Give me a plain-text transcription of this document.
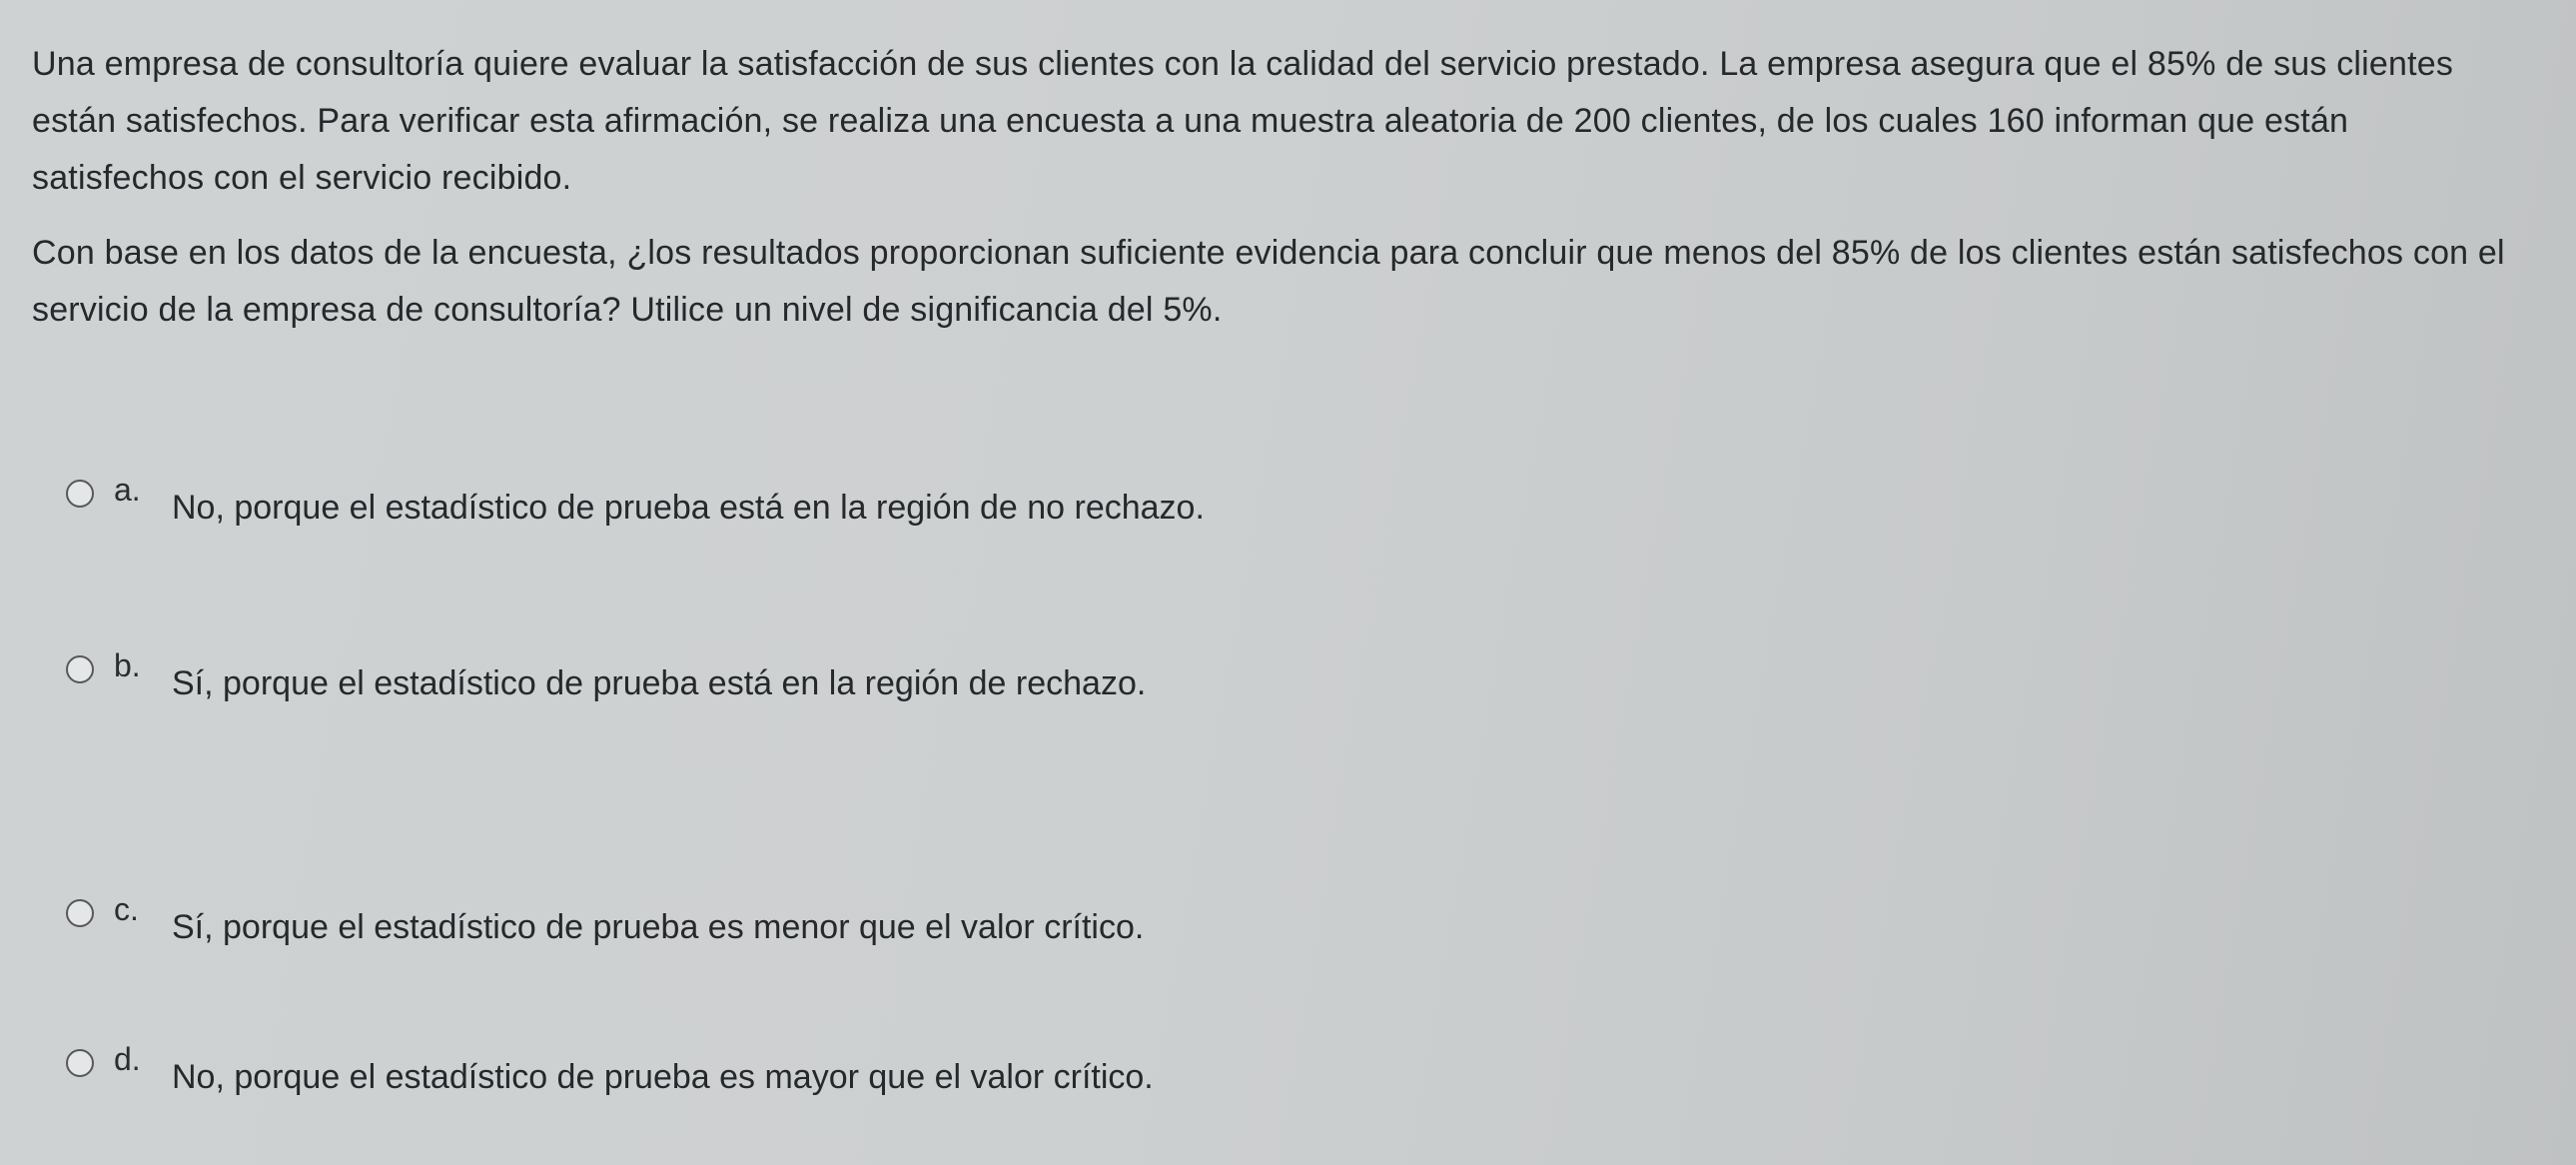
Una empresa de consultoría quiere evaluar la satisfacción de sus clientes con la calidad del servicio prestado. La empresa asegura que el 85% de sus clientes están satisfechos. Para verificar esta afirmación, se realiza una encuesta a una muestra aleatoria de 200 clientes, de los cuales 160 informan que están satisfechos con el servicio recibido.

Con base en los datos de la encuesta, ¿los resultados proporcionan suficiente evidencia para concluir que menos del 85% de los clientes están satisfechos con el servicio de la empresa de consultoría? Utilice un nivel de significancia del 5%.

a. No, porque el estadístico de prueba está en la región de no rechazo.
b. Sí, porque el estadístico de prueba está en la región de rechazo.
c. Sí, porque el estadístico de prueba es menor que el valor crítico.
d. No, porque el estadístico de prueba es mayor que el valor crítico.
